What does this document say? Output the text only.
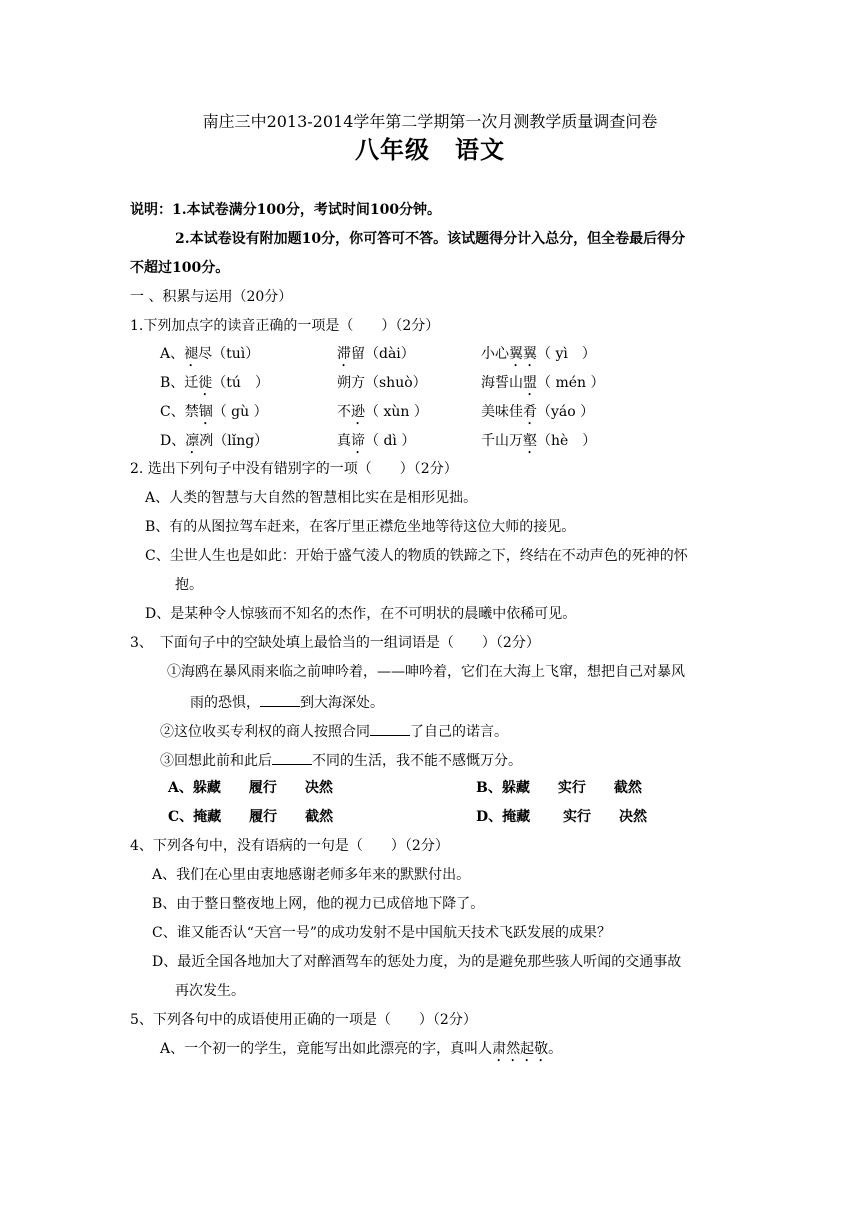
南庄三中2013-2014学年第二学期第一次月测教学质量调查问卷
八年级　语文
说明：1.本试卷满分100分，考试时间100分钟。
2.本试卷设有附加题10分，你可答可不答。该试题得分计入总分，但全卷最后得分
不超过100分。
一 、积累与运用（20分）
1.下列加点字的读音正确的一项是（　　）（2分）
A、褪尽（tuì）	滞留（dài）	小心翼翼（ yì　）
B、迁徙（tú　）	朔方（shuò）	海誓山盟（ mén ）
C、禁锢（ gù ）	不逊（ xùn ）	美味佳肴（yáo ）
D、凛冽（lǐng）	真谛（ dì ）	千山万壑（hè　）
2. 选出下列句子中没有错别字的一项（　　）（2分）
A、人类的智慧与大自然的智慧相比实在是相形见拙。
B、有的从图拉驾车赶来，在客厅里正襟危坐地等待这位大师的接见。
C、尘世人生也是如此：开始于盛气淩人的物质的铁蹄之下，终结在不动声色的死神的怀
抱。
D、是某种令人惊骇而不知名的杰作，在不可明状的晨曦中依稀可见。
3、　下面句子中的空缺处填上最恰当的一组词语是（　　）（2分）
①海鸥在暴风雨来临之前呻吟着，——呻吟着，它们在大海上飞窜，想把自己对暴风
雨的恐惧，	到大海深处。
②这位收买专利权的商人按照合同	了自己的诺言。
③回想此前和此后	不同的生活，我不能不感慨万分。
A、躲藏　　履行　　决然	B、躲藏　　实行　　截然
C、掩藏　　履行　　截然	D、掩藏　　 实行　　决然
4、下列各句中，没有语病的一句是（　　）（2分）
A、我们在心里由衷地感谢老师多年来的默默付出。
B、由于整日整夜地上网，他的视力已成倍地下降了。
C、谁又能否认“天宫一号”的成功发射不是中国航天技术飞跃发展的成果？
D、最近全国各地加大了对醉酒驾车的惩处力度，为的是避免那些骇人听闻的交通事故
再次发生。
5、下列各句中的成语使用正确的一项是（　　）（2分）
A、一个初一的学生，竟能写出如此漂亮的字，真叫人肃然起敬。
